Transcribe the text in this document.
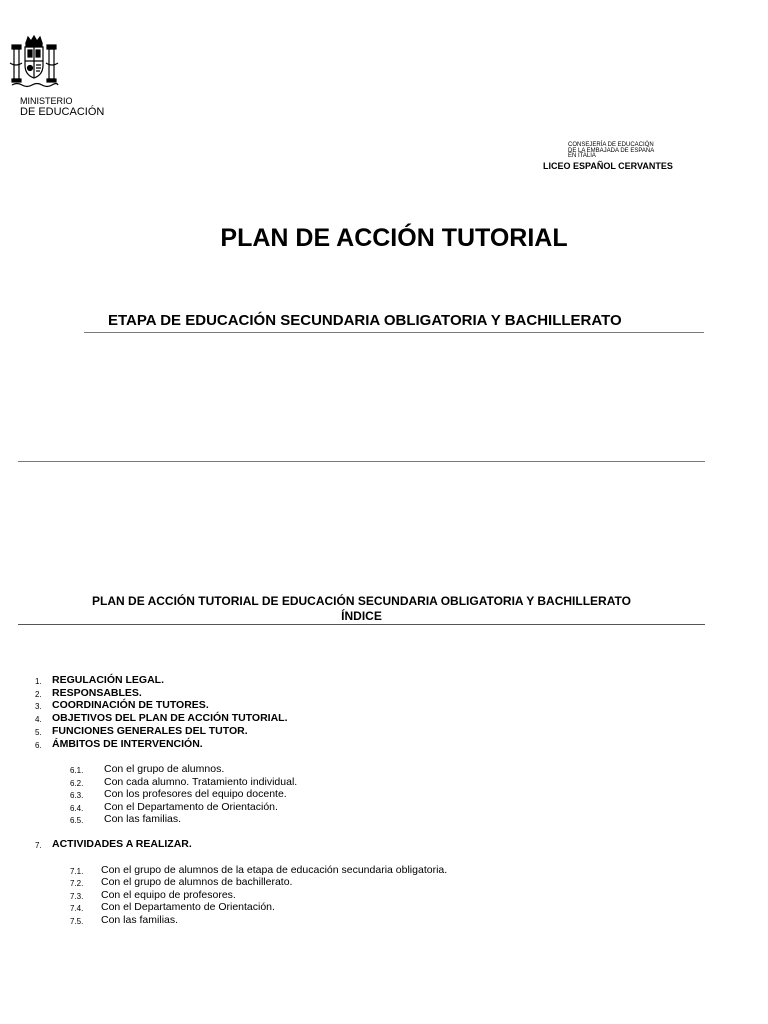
MINISTERIO
DE EDUCACIÓN
CONSEJERÍA DE EDUCACIÓN
DE LA EMBAJADA DE ESPAÑA
EN ITALIA
LICEO ESPAÑOL CERVANTES
PLAN DE ACCIÓN TUTORIAL
ETAPA DE EDUCACIÓN SECUNDARIA OBLIGATORIA Y BACHILLERATO
PLAN DE ACCIÓN TUTORIAL DE EDUCACIÓN SECUNDARIA OBLIGATORIA Y BACHILLERATO
ÍNDICE
1. REGULACIÓN LEGAL.
2. RESPONSABLES.
3. COORDINACIÓN DE TUTORES.
4. OBJETIVOS DEL PLAN DE ACCIÓN TUTORIAL.
5. FUNCIONES GENERALES DEL TUTOR.
6. ÁMBITOS DE INTERVENCIÓN.
6.1. Con el grupo de alumnos.
6.2. Con cada alumno. Tratamiento individual.
6.3. Con los profesores del equipo docente.
6.4. Con el Departamento de Orientación.
6.5. Con las familias.
7. ACTIVIDADES A REALIZAR.
7.1. Con el grupo de alumnos de la etapa de educación secundaria obligatoria.
7.2. Con el grupo de alumnos de bachillerato.
7.3. Con el equipo de profesores.
7.4. Con el Departamento de Orientación.
7.5. Con las familias.
